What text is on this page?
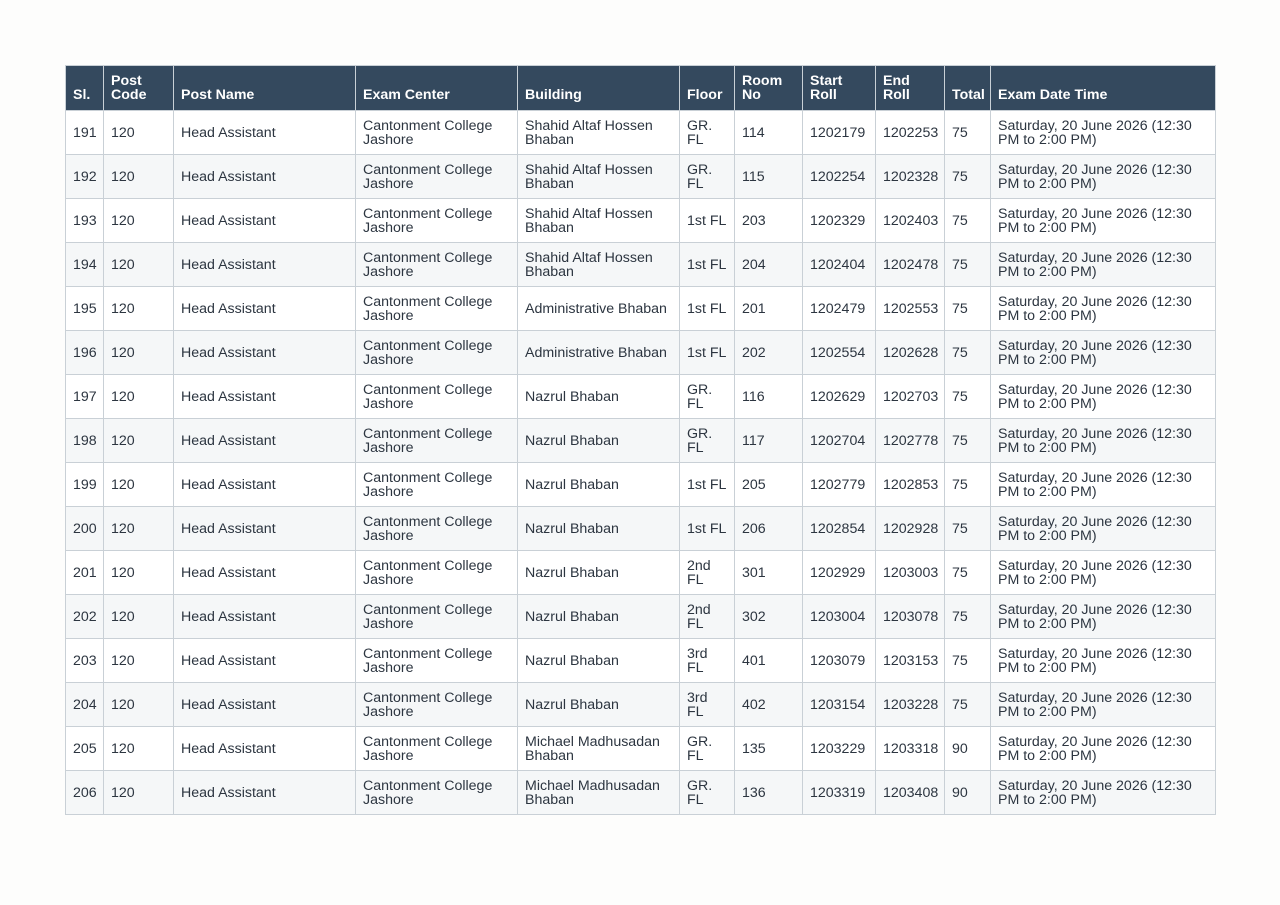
Sl.	Post Code	Post Name	Exam Center	Building	Floor	Room No	Start Roll	End Roll	Total	Exam Date Time
191	120	Head Assistant	Cantonment College Jashore	Shahid Altaf Hossen Bhaban	GR. FL	114	1202179	1202253	75	Saturday, 20 June 2026 (12:30 PM to 2:00 PM)
192	120	Head Assistant	Cantonment College Jashore	Shahid Altaf Hossen Bhaban	GR. FL	115	1202254	1202328	75	Saturday, 20 June 2026 (12:30 PM to 2:00 PM)
193	120	Head Assistant	Cantonment College Jashore	Shahid Altaf Hossen Bhaban	1st FL	203	1202329	1202403	75	Saturday, 20 June 2026 (12:30 PM to 2:00 PM)
194	120	Head Assistant	Cantonment College Jashore	Shahid Altaf Hossen Bhaban	1st FL	204	1202404	1202478	75	Saturday, 20 June 2026 (12:30 PM to 2:00 PM)
195	120	Head Assistant	Cantonment College Jashore	Administrative Bhaban	1st FL	201	1202479	1202553	75	Saturday, 20 June 2026 (12:30 PM to 2:00 PM)
196	120	Head Assistant	Cantonment College Jashore	Administrative Bhaban	1st FL	202	1202554	1202628	75	Saturday, 20 June 2026 (12:30 PM to 2:00 PM)
197	120	Head Assistant	Cantonment College Jashore	Nazrul Bhaban	GR. FL	116	1202629	1202703	75	Saturday, 20 June 2026 (12:30 PM to 2:00 PM)
198	120	Head Assistant	Cantonment College Jashore	Nazrul Bhaban	GR. FL	117	1202704	1202778	75	Saturday, 20 June 2026 (12:30 PM to 2:00 PM)
199	120	Head Assistant	Cantonment College Jashore	Nazrul Bhaban	1st FL	205	1202779	1202853	75	Saturday, 20 June 2026 (12:30 PM to 2:00 PM)
200	120	Head Assistant	Cantonment College Jashore	Nazrul Bhaban	1st FL	206	1202854	1202928	75	Saturday, 20 June 2026 (12:30 PM to 2:00 PM)
201	120	Head Assistant	Cantonment College Jashore	Nazrul Bhaban	2nd FL	301	1202929	1203003	75	Saturday, 20 June 2026 (12:30 PM to 2:00 PM)
202	120	Head Assistant	Cantonment College Jashore	Nazrul Bhaban	2nd FL	302	1203004	1203078	75	Saturday, 20 June 2026 (12:30 PM to 2:00 PM)
203	120	Head Assistant	Cantonment College Jashore	Nazrul Bhaban	3rd FL	401	1203079	1203153	75	Saturday, 20 June 2026 (12:30 PM to 2:00 PM)
204	120	Head Assistant	Cantonment College Jashore	Nazrul Bhaban	3rd FL	402	1203154	1203228	75	Saturday, 20 June 2026 (12:30 PM to 2:00 PM)
205	120	Head Assistant	Cantonment College Jashore	Michael Madhusadan Bhaban	GR. FL	135	1203229	1203318	90	Saturday, 20 June 2026 (12:30 PM to 2:00 PM)
206	120	Head Assistant	Cantonment College Jashore	Michael Madhusadan Bhaban	GR. FL	136	1203319	1203408	90	Saturday, 20 June 2026 (12:30 PM to 2:00 PM)
